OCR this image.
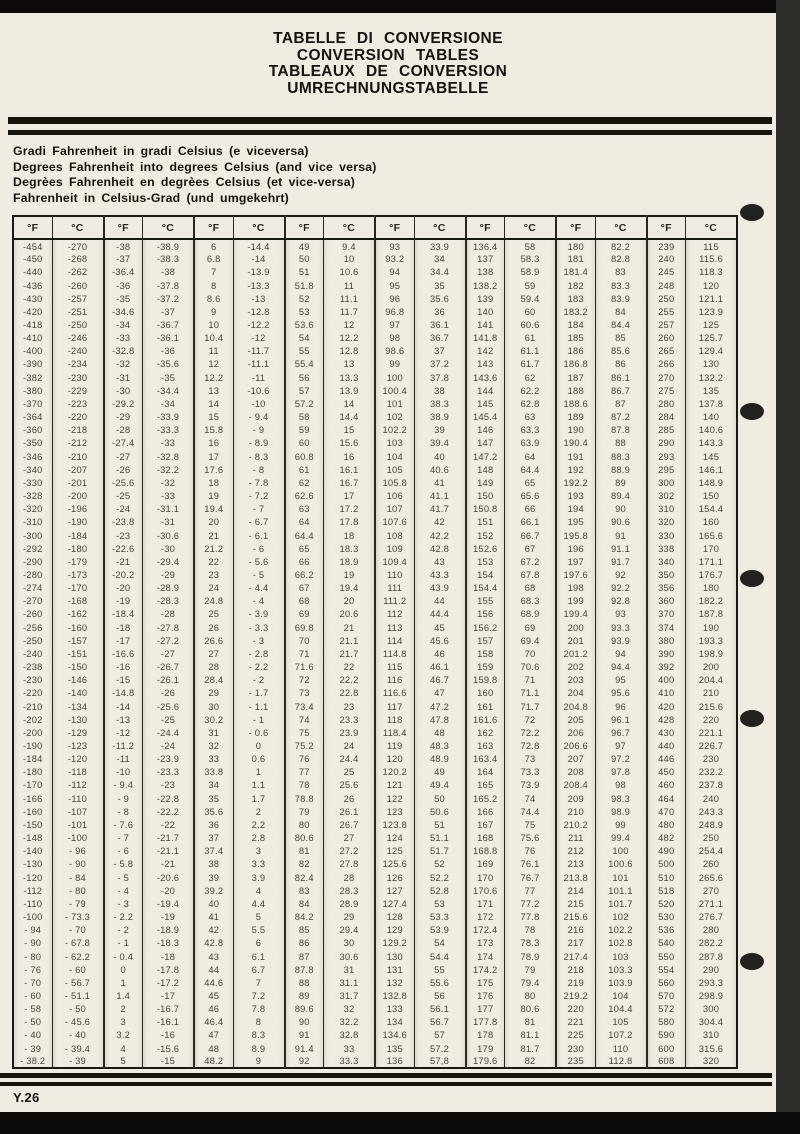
TABELLE DI CONVERSIONE
CONVERSION TABLES
TABLEAUX DE CONVERSION
UMRECHNUNGSTABELLE
Gradi Fahrenheit in gradi Celsius (e viceversa)
Degrees Fahrenheit into degrees Celsius (and vice versa)
Degrèes Fahrenheit en degrèes Celsius (et vice-versa)
Fahrenheit in Celsius-Grad (und umgekehrt)
°F	°C	°F	°C	°F	°C	°F	°C	°F	°C	°F	°C	°F	°C	°F	°C
-454	-270	-38	-38.9	6	-14.4	49	9.4	93	33.9	136.4	58	180	82.2	239	115
-450	-268	-37	-38.3	6.8	-14	50	10	93.2	34	137	58.3	181	82.8	240	115.6
-440	-262	-36.4	-38	7	-13.9	51	10.6	94	34.4	138	58.9	181.4	83	245	118.3
-436	-260	-36	-37.8	8	-13.3	51.8	11	95	35	138.2	59	182	83.3	248	120
-430	-257	-35	-37.2	8.6	-13	52	11.1	96	35.6	139	59.4	183	83.9	250	121.1
-420	-251	-34.6	-37	9	-12.8	53	11.7	96.8	36	140	60	183.2	84	255	123.9
-418	-250	-34	-36.7	10	-12.2	53.6	12	97	36.1	141	60.6	184	84.4	257	125
-410	-246	-33	-36.1	10.4	-12	54	12.2	98	36.7	141.8	61	185	85	260	125.7
-400	-240	-32.8	-36	11	-11.7	55	12.8	98.6	37	142	61.1	186	85.6	265	129.4
-390	-234	-32	-35.6	12	-11.1	55.4	13	99	37.2	143	61.7	186.8	86	266	130
-382	-230	-31	-35	12.2	-11	56	13.3	100	37.8	143.6	62	187	86.1	270	132.2
-380	-229	-30	-34.4	13	-10.6	57	13.9	100.4	38	144	62.2	188	86.7	275	135
-370	-223	-29.2	-34	14	-10	57.2	14	101	38.3	145	62.8	188.6	87	280	137.8
-364	-220	-29	-33.9	15	- 9.4	58	14.4	102	38.9	145.4	63	189	87.2	284	140
-360	-218	-28	-33.3	15.8	- 9	59	15	102.2	39	146	63.3	190	87.8	285	140.6
-350	-212	-27.4	-33	16	- 8.9	60	15.6	103	39.4	147	63.9	190.4	88	290	143.3
-346	-210	-27	-32.8	17	- 8.3	60.8	16	104	40	147.2	64	191	88.3	293	145
-340	-207	-26	-32.2	17.6	- 8	61	16.1	105	40.6	148	64.4	192	88.9	295	146.1
-330	-201	-25.6	-32	18	- 7.8	62	16.7	105.8	41	149	65	192.2	89	300	148.9
-328	-200	-25	-33	19	- 7.2	62.6	17	106	41.1	150	65.6	193	89.4	302	150
-320	-196	-24	-31.1	19.4	- 7	63	17.2	107	41.7	150.8	66	194	90	310	154.4
-310	-190	-23.8	-31	20	- 6.7	64	17.8	107.6	42	151	66.1	195	90.6	320	160
-300	-184	-23	-30.6	21	- 6.1	64.4	18	108	42.2	152	66.7	195.8	91	330	165.6
-292	-180	-22.6	-30	21.2	- 6	65	18.3	109	42.8	152.6	67	196	91.1	338	170
-290	-179	-21	-29.4	22	- 5.6	66	18.9	109.4	43	153	67.2	197	91.7	340	171.1
-280	-173	-20.2	-29	23	- 5	66.2	19	110	43.3	154	67.8	197.6	92	350	176.7
-274	-170	-20	-28.9	24	- 4.4	67	19.4	111	43.9	154.4	68	198	92.2	356	180
-270	-168	-19	-28.3	24.8	- 4	68	20	111.2	44	155	68.3	199	92.8	360	182.2
-260	-162	-18.4	-28	25	- 3.9	69	20.6	112	44.4	156	68.9	199.4	93	370	187.8
-256	-160	-18	-27.8	26	- 3.3	69.8	21	113	45	156.2	69	200	93.3	374	190
-250	-157	-17	-27.2	26.6	- 3	70	21.1	114	45.6	157	69.4	201	93.9	380	193.3
-240	-151	-16.6	-27	27	- 2.8	71	21.7	114.8	46	158	70	201.2	94	390	198.9
-238	-150	-16	-26.7	28	- 2.2	71.6	22	115	46.1	159	70.6	202	94.4	392	200
-230	-146	-15	-26.1	28.4	- 2	72	22.2	116	46.7	159.8	71	203	95	400	204.4
-220	-140	-14.8	-26	29	- 1.7	73	22.8	116.6	47	160	71.1	204	95.6	410	210
-210	-134	-14	-25.6	30	- 1.1	73.4	23	117	47.2	161	71.7	204.8	96	420	215.6
-202	-130	-13	-25	30.2	- 1	74	23.3	118	47.8	161.6	72	205	96.1	428	220
-200	-129	-12	-24.4	31	- 0.6	75	23.9	118.4	48	162	72.2	206	96.7	430	221.1
-190	-123	-11.2	-24	32	0	75.2	24	119	48.3	163	72.8	206.6	97	440	226.7
-184	-120	-11	-23.9	33	0.6	76	24.4	120	48.9	163.4	73	207	97.2	446	230
-180	-118	-10	-23.3	33.8	1	77	25	120.2	49	164	73.3	208	97.8	450	232.2
-170	-112	- 9.4	-23	34	1.1	78	25.6	121	49.4	165	73.9	208.4	98	460	237.8
-166	-110	- 9	-22.8	35	1.7	78.8	26	122	50	165.2	74	209	98.3	464	240
-160	-107	- 8	-22.2	35.6	2	79	26.1	123	50.6	166	74.4	210	98.9	470	243.3
-150	-101	- 7.6	-22	36	2.2	80	26.7	123.8	51	167	75	210.2	99	480	248.9
-148	-100	- 7	-21.7	37	2.8	80.6	27	124	51.1	168	75.6	211	99.4	482	250
-140	- 96	- 6	-21.1	37.4	3	81	27.2	125	51.7	168.8	76	212	100	490	254.4
-130	- 90	- 5.8	-21	38	3.3	82	27.8	125.6	52	169	76.1	213	100.6	500	260
-120	- 84	- 5	-20.6	39	3.9	82.4	28	126	52.2	170	76.7	213.8	101	510	265.6
-112	- 80	- 4	-20	39.2	4	83	28.3	127	52.8	170.6	77	214	101.1	518	270
-110	- 79	- 3	-19.4	40	4.4	84	28.9	127.4	53	171	77.2	215	101.7	520	271.1
-100	- 73.3	- 2.2	-19	41	5	84.2	29	128	53.3	172	77.8	215.6	102	530	276.7
- 94	- 70	- 2	-18.9	42	5.5	85	29.4	129	53.9	172.4	78	216	102.2	536	280
- 90	- 67.8	- 1	-18.3	42.8	6	86	30	129.2	54	173	78.3	217	102.8	540	282.2
- 80	- 62.2	- 0.4	-18	43	6.1	87	30.6	130	54.4	174	78.9	217.4	103	550	287.8
- 76	- 60	0	-17.8	44	6.7	87.8	31	131	55	174.2	79	218	103.3	554	290
- 70	- 56.7	1	-17.2	44.6	7	88	31.1	132	55.6	175	79.4	219	103.9	560	293.3
- 60	- 51.1	1.4	-17	45	7.2	89	31.7	132.8	56	176	80	219.2	104	570	298.9
- 58	- 50	2	-16.7	46	7.8	89.6	32	133	56.1	177	80.6	220	104.4	572	300
- 50	- 45.6	3	-16.1	46.4	8	90	32.2	134	56.7	177.8	81	221	105	580	304.4
- 40	- 40	3.2	-16	47	8.3	91	32.8	134.6	57	178	81.1	225	107.2	590	310
- 39	- 39.4	4	-15.6	48	8.9	91.4	33	135	57.2	179	81.7	230	110	600	315.6
- 38.2	- 39	5	-15	48.2	9	92	33.3	136	57,8	179.6	82	235	112.8	608	320
Y.26
